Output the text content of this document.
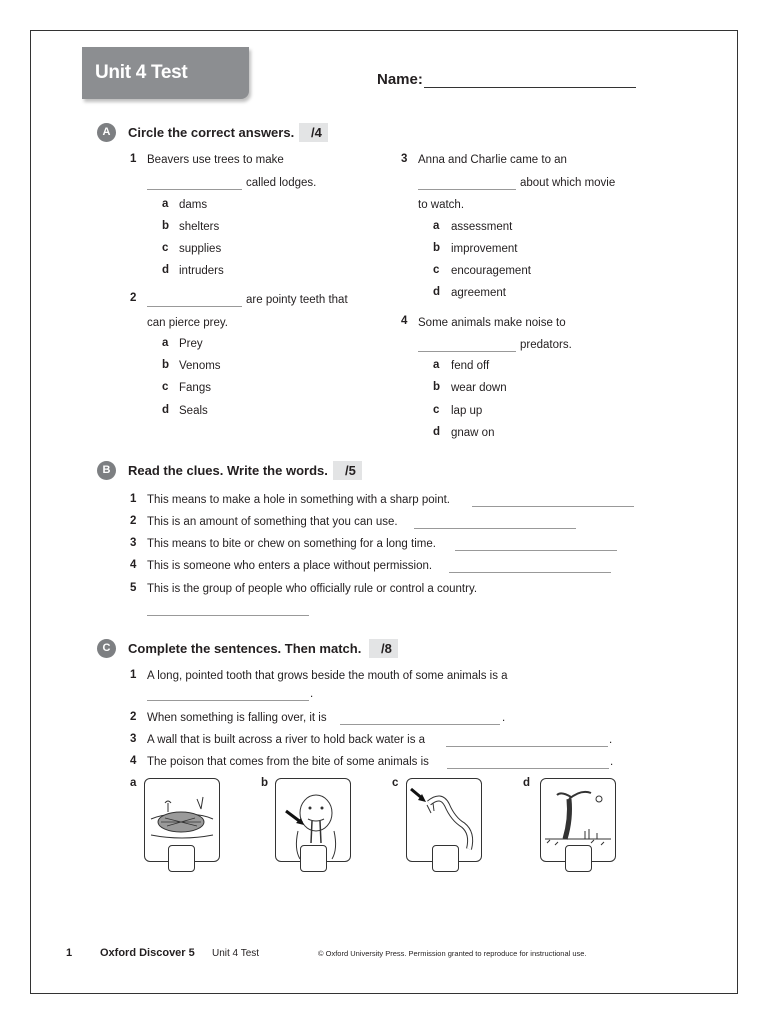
Unit 4 Test	Name:
A	Circle the correct answers.	/4
1 Beavers use trees to make
called lodges.
a dams
b shelters
c supplies
d intruders
2	are pointy teeth that
can pierce prey.
a Prey
b Venoms
c Fangs
d Seals
3 Anna and Charlie came to an
about which movie
to watch.
a assessment
b improvement
c encouragement
d agreement
4 Some animals make noise to
predators.
a fend off
b wear down
c lap up
d gnaw on
B	Read the clues. Write the words.	/5
1 This means to make a hole in something with a sharp point.
2 This is an amount of something that you can use.
3 This means to bite or chew on something for a long time.
4 This is someone who enters a place without permission.
5 This is the group of people who officially rule or control a country.
C	Complete the sentences. Then match.	/8
1 A long, pointed tooth that grows beside the mouth of some animals is a
.
2 When something is falling over, it is	.
3 A wall that is built across a river to hold back water is a	.
4 The poison that comes from the bite of some animals is	.
a	b	c	d
1	Oxford Discover 5 Unit 4 Test	© Oxford University Press. Permission granted to reproduce for instructional use.
